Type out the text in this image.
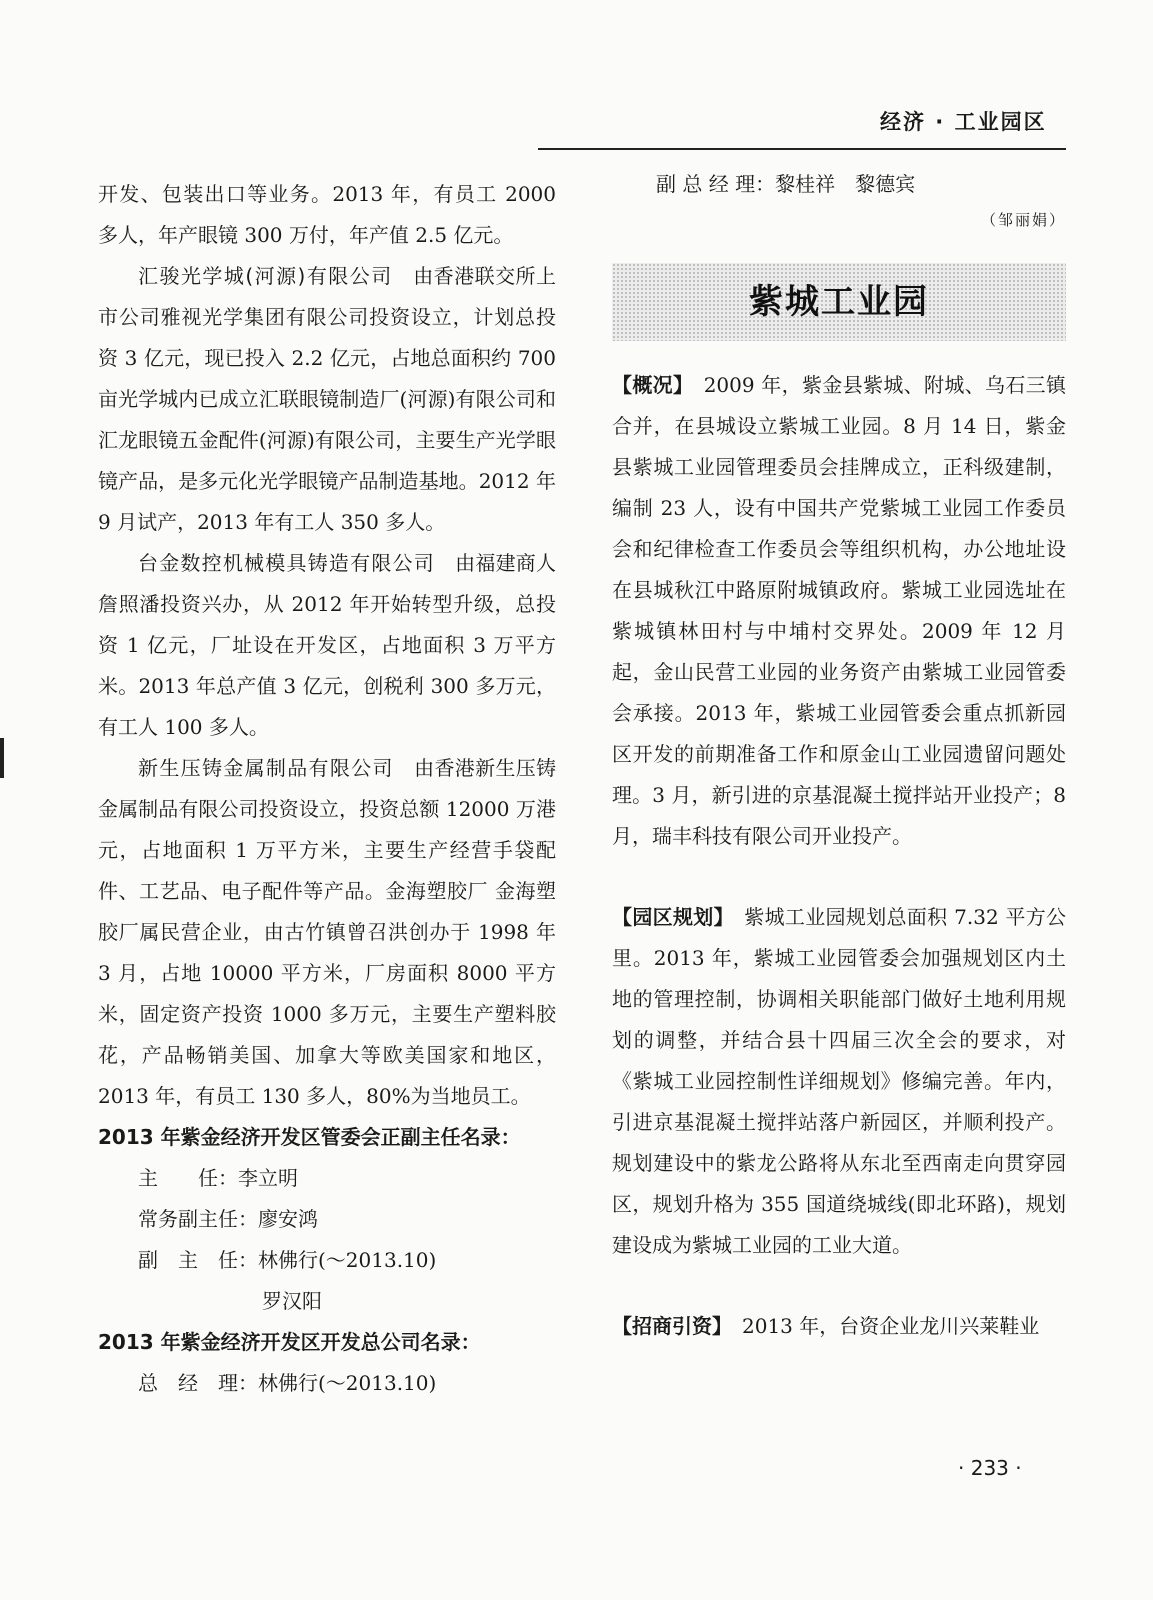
经济 · 工业园区

开发、包装出口等业务。2013 年，有员工 2000 多人，年产眼镜 300 万付，年产值 2.5 亿元。

汇骏光学城(河源)有限公司　 由香港联交所上市公司雅视光学集团有限公司投资设立，计划总投资 3 亿元，现已投入 2.2 亿元，占地总面积约 700 亩光学城内已成立汇联眼镜制造厂(河源)有限公司和汇龙眼镜五金配件(河源)有限公司，主要生产光学眼镜产品，是多元化光学眼镜产品制造基地。2012 年 9 月试产，2013 年有工人 350 多人。

台金数控机械模具铸造有限公司　 由福建商人詹照潘投资兴办，从 2012 年开始转型升级，总投资 1 亿元，厂址设在开发区，占地面积 3 万平方米。2013 年总产值 3 亿元，创税利 300 多万元，有工人 100 多人。

新生压铸金属制品有限公司　 由香港新生压铸金属制品有限公司投资设立，投资总额 12000 万港元，占地面积 1 万平方米，主要生产经营手袋配件、工艺品、电子配件等产品。金海塑胶厂 金海塑胶厂属民营企业，由古竹镇曾召洪创办于 1998 年 3 月，占地 10000 平方米，厂房面积 8000 平方米，固定资产投资 1000 多万元，主要生产塑料胶花，产品畅销美国、加拿大等欧美国家和地区，2013 年，有员工 130 多人，80%为当地员工。

2013 年紫金经济开发区管委会正副主任名录：

主　　任：李立明

常务副主任：廖安鸿

副　主　任：林佛行(～2013.10)

罗汉阳

2013 年紫金经济开发区开发总公司名录：

总　经　理：林佛行(～2013.10)

副 总 经 理：黎桂祥　黎德宾

（邹丽娟）

紫城工业园

【概况】　 2009 年，紫金县紫城、附城、乌石三镇合并，在县城设立紫城工业园。8 月 14 日，紫金县紫城工业园管理委员会挂牌成立，正科级建制，编制 23 人，设有中国共产党紫城工业园工作委员会和纪律检查工作委员会等组织机构，办公地址设在县城秋江中路原附城镇政府。紫城工业园选址在紫城镇林田村与中埔村交界处。2009 年 12 月起，金山民营工业园的业务资产由紫城工业园管委会承接。2013 年，紫城工业园管委会重点抓新园区开发的前期准备工作和原金山工业园遗留问题处理。3 月，新引进的京基混凝土搅拌站开业投产；8 月，瑞丰科技有限公司开业投产。

【园区规划】　 紫城工业园规划总面积 7.32 平方公里。2013 年，紫城工业园管委会加强规划区内土地的管理控制，协调相关职能部门做好土地利用规划的调整，并结合县十四届三次全会的要求，对《紫城工业园控制性详细规划》修编完善。年内，引进京基混凝土搅拌站落户新园区，并顺利投产。规划建设中的紫龙公路将从东北至西南走向贯穿园区，规划升格为 355 国道绕城线(即北环路)，规划建设成为紫城工业园的工业大道。

【招商引资】　 2013 年，台资企业龙川兴莱鞋业

· 233 ·
